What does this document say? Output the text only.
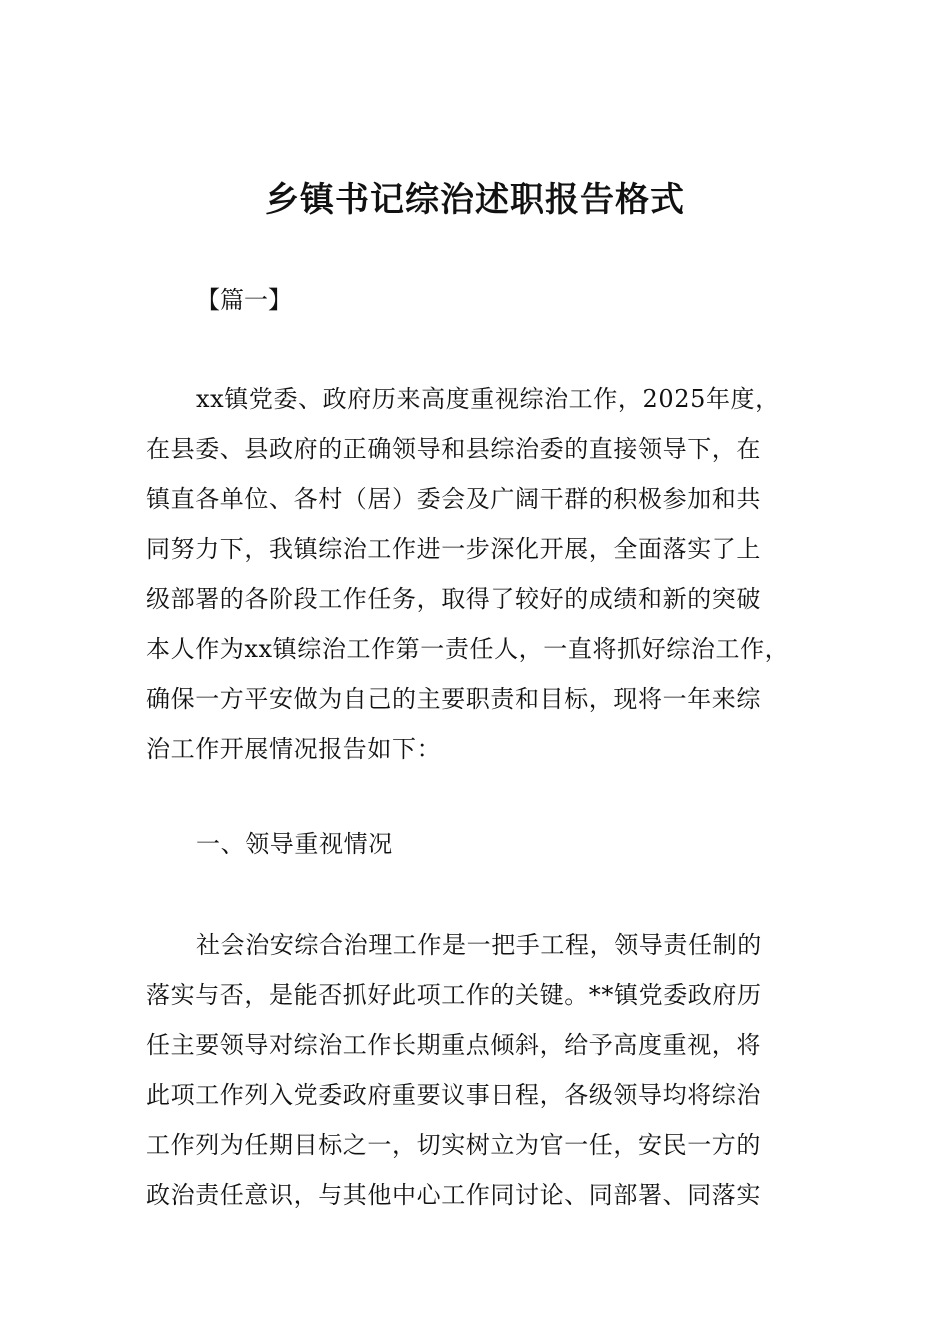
乡镇书记综治述职报告格式
【篇一】
xx镇党委、政府历来高度重视综治工作，2025年度，
在县委、县政府的正确领导和县综治委的直接领导下，在
镇直各单位、各村（居）委会及广阔干群的积极参加和共
同努力下，我镇综治工作进一步深化开展，全面落实了上
级部署的各阶段工作任务，取得了较好的成绩和新的突破
本人作为xx镇综治工作第一责任人，一直将抓好综治工作，
确保一方平安做为自己的主要职责和目标，现将一年来综
治工作开展情况报告如下：
一、领导重视情况
社会治安综合治理工作是一把手工程，领导责任制的
落实与否，是能否抓好此项工作的关键。**镇党委政府历
任主要领导对综治工作长期重点倾斜，给予高度重视，将
此项工作列入党委政府重要议事日程，各级领导均将综治
工作列为任期目标之一，切实树立为官一任，安民一方的
政治责任意识，与其他中心工作同讨论、同部署、同落实
